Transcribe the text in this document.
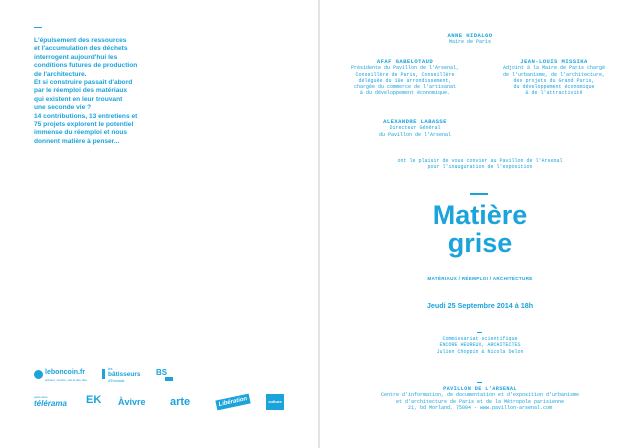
L'épuisement des ressources
et l'accumulation des déchets
interrogent aujourd'hui les
conditions futures de production
de l'architecture.
Et si construire passait d'abord
par le réemploi des matériaux
qui existent en leur trouvant
une seconde vie ?
14 contributions, 13 entretiens et
75 projets explorent le potentiel
immense du réemploi et nous
donnent matière à penser...
ANNE HIDALGO
Maire de Paris
AFAF GABELOTAUD
Présidente du Pavillon de l'Arsenal,
Conseillère de Paris, Conseillère
déléguée du 10e arrondissement,
chargée du commerce de l'artisanat
& du développement économique.
JEAN-LOUIS MISSIKA
Adjoint à la Maire de Paris chargé
de l'urbanisme, de l'architecture,
des projets du Grand Paris,
du développement économique
& de l'attractivité
ALEXANDRE LABASSE
Directeur Général
du Pavillon de l'Arsenal
ont le plaisir de vous convier au Pavillon de l'Arsenal
pour l'inauguration de l'exposition
Matière
grise
MATÉRIAUX / RÉEMPLOI / ARCHITECTURE
Jeudi 25 Septembre 2014 à 18h
Commissariat scientifique
ENCORE HEUREUX, ARCHITECTES
Julien Choppin & Nicola Delon
PAVILLON DE L'ARSENAL
Centre d'information, de documentation et d'exposition d'urbanisme
et d'architecture de Paris et de la Métropole parisienne
21, bd Morland, 75004 - www.pavillon-arsenal.com
leboncoin.fr
acheter, vendre, soit la tête tête
les
bâtisseurs
d'Emmaüs
BS
partenaire
télérama EK Àvivre arte	Libération	culture
